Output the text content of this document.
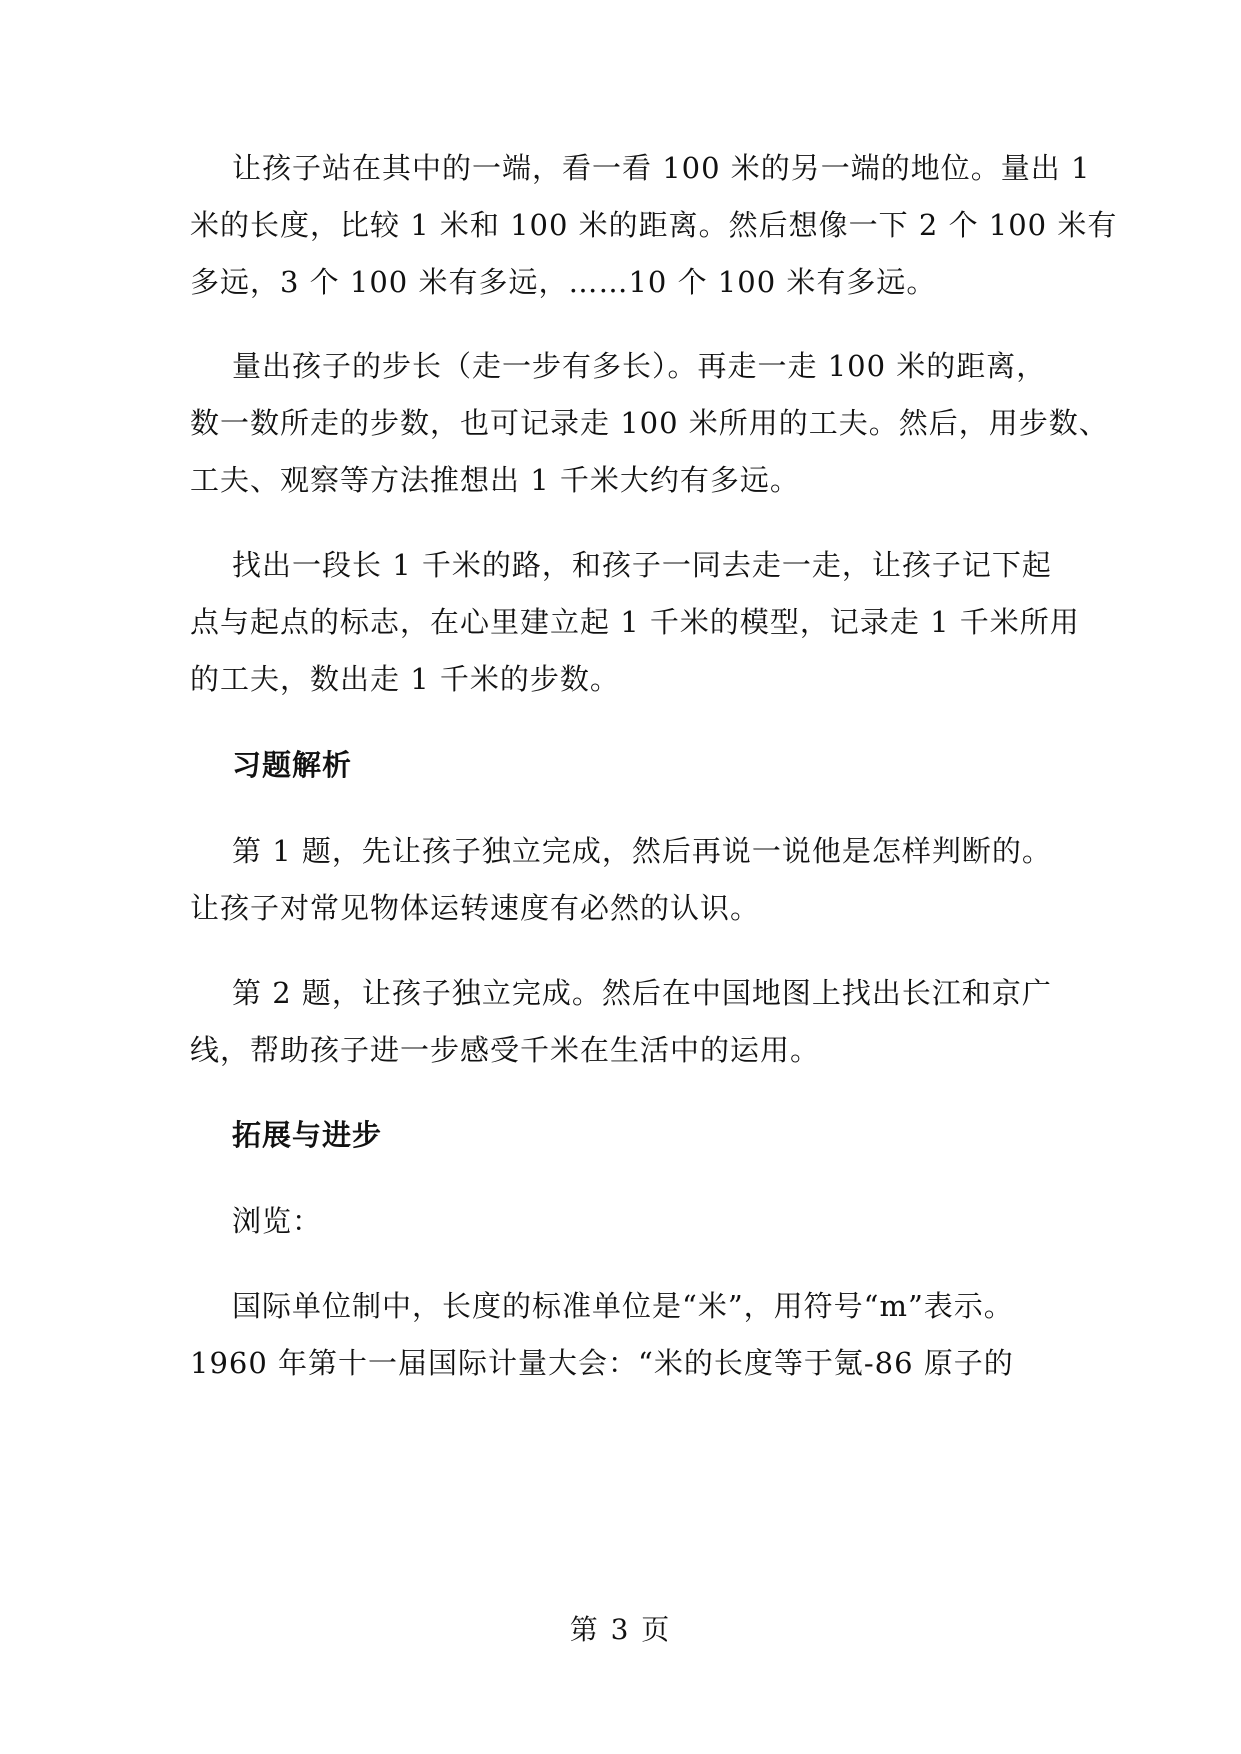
让孩子站在其中的一端，看一看 100 米的另一端的地位。量出 1
米的长度，比较 1 米和 100 米的距离。然后想像一下 2 个 100 米有
多远，3 个 100 米有多远，……10 个 100 米有多远。
量出孩子的步长（走一步有多长）。再走一走 100 米的距离，
数一数所走的步数，也可记录走 100 米所用的工夫。然后，用步数、
工夫、观察等方法推想出 1 千米大约有多远。
找出一段长 1 千米的路，和孩子一同去走一走，让孩子记下起
点与起点的标志，在心里建立起 1 千米的模型，记录走 1 千米所用
的工夫，数出走 1 千米的步数。
习题解析
第 1 题，先让孩子独立完成，然后再说一说他是怎样判断的。
让孩子对常见物体运转速度有必然的认识。
第 2 题，让孩子独立完成。然后在中国地图上找出长江和京广
线，帮助孩子进一步感受千米在生活中的运用。
拓展与进步
浏览：
国际单位制中，长度的标准单位是“米”，用符号“m”表示。
1960 年第十一届国际计量大会：“米的长度等于氪-86 原子的
第 3 页
